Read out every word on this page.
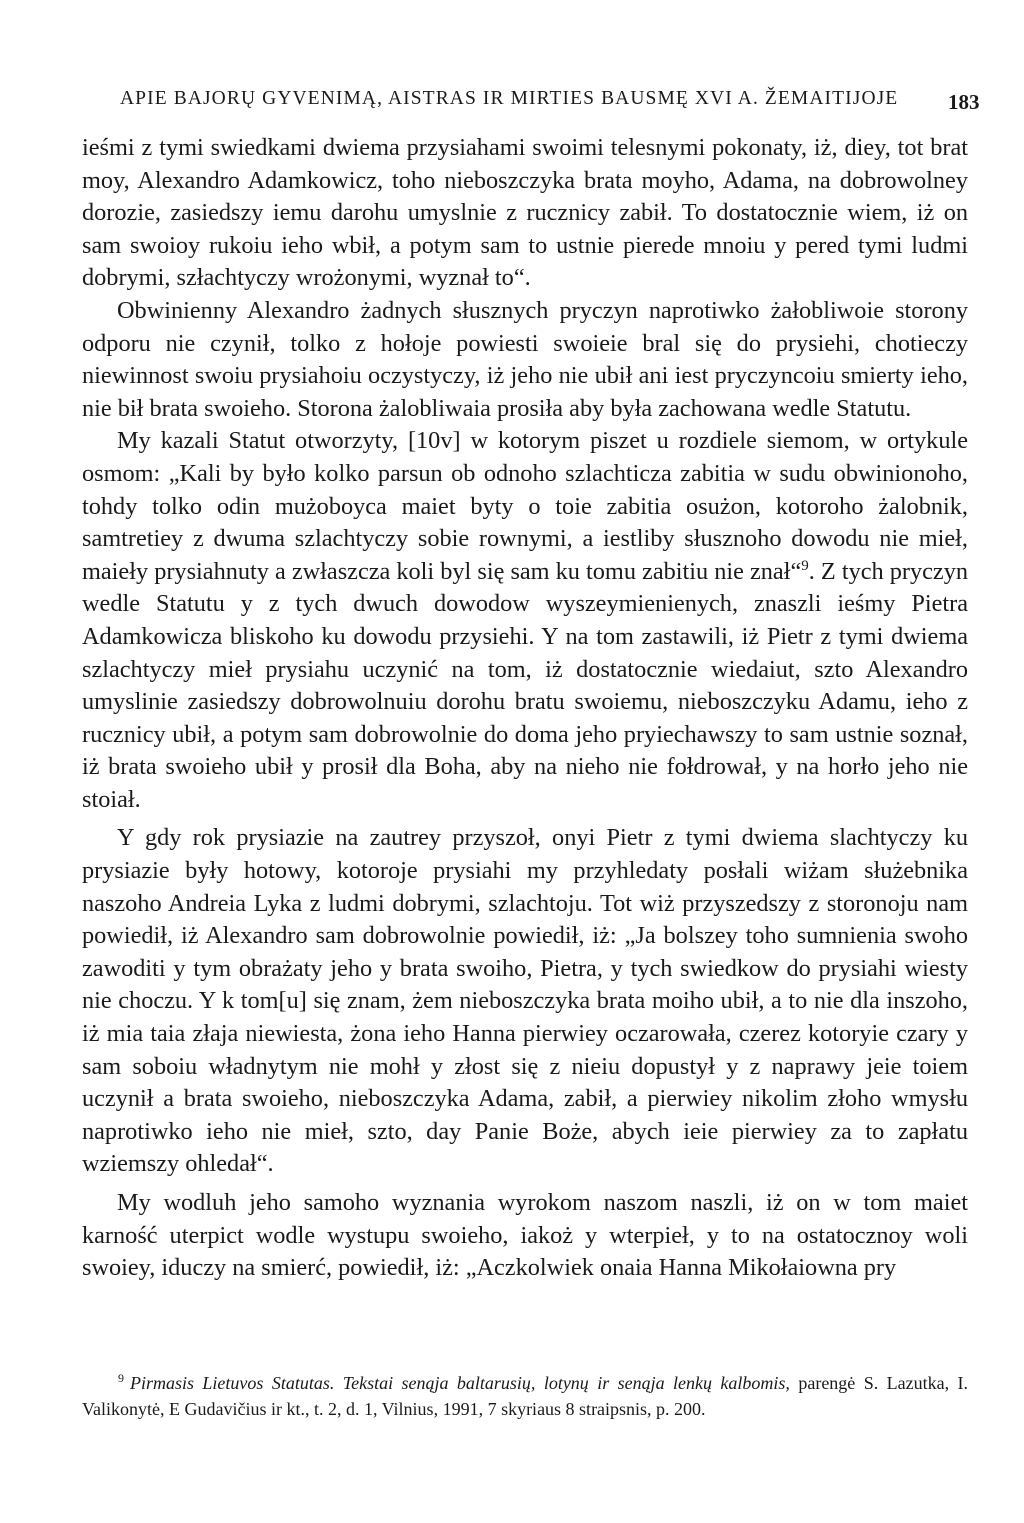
APIE BAJORŲ GYVENIMĄ, AISTRAS IR MIRTIES BAUSMĘ XVI A. ŽEMAITIJOJE	183

ieśmi z tymi swiedkami dwiema przysiahami swoimi telesnymi pokonaty, iż, diey, tot brat moy, Alexandro Adamkowicz, toho nieboszczyka brata moyho, Adama, na dobrowolney dorozie, zasiedszy iemu darohu umyslnie z rucznicy zabił. To dostatocznie wiem, iż on sam swoioy rukoiu ieho wbił, a potym sam to ustnie pierede mnoiu y pered tymi ludmi dobrymi, szłachtyczy wrożonymi, wyznał to“.

Obwinienny Alexandro żadnych słusznych pryczyn naprotiwko żałobliwoie storony odporu nie czynił, tolko z hołoje powiesti swoieie bral się do prysiehi, chotieczy niewinnost swoiu prysiahoiu oczystyczy, iż jeho nie ubił ani iest pryczyncoiu smierty ieho, nie bił brata swoieho. Storona żalobliwaia prosiła aby była zachowana wedle Statutu.

My kazali Statut otworzyty, [10v] w kotorym piszet u rozdiele siemom, w ortykule osmom: „Kali by było kolko parsun ob odnoho szlachticza zabitia w sudu obwinionoho, tohdy tolko odin mużoboyca maiet byty o toie zabitia osużon, kotoroho żalobnik, samtretiey z dwuma szlachtyczy sobie rownymi, a iestliby słusznoho dowodu nie mieł, maieły prysiahnuty a zwłaszcza koli byl się sam ku tomu zabitiu nie znał“$^9$. Z tych pryczyn wedle Statutu y z tych dwuch dowodow wyszeymienienych, znaszli ieśmy Pietra Adamkowicza bliskoho ku dowodu przysiehi. Y na tom zastawili, iż Pietr z tymi dwiema szlachtyczy mieł prysiahu uczynić na tom, iż dostatocznie wiedaiut, szto Alexandro umyslinie zasiedszy dobrowolnuiu dorohu bratu swoiemu, nieboszczyku Adamu, ieho z rucznicy ubił, a potym sam dobrowolnie do doma jeho pryiechawszy to sam ustnie soznał, iż brata swoieho ubił y prosił dla Boha, aby na nieho nie fołdrował, y na horło jeho nie stoiał.

Y gdy rok prysiazie na zautrey przyszoł, onyi Pietr z tymi dwiema slachtyczy ku prysiazie były hotowy, kotoroje prysiahi my przyhledaty posłali wiżam służebnika naszoho Andreia Lyka z ludmi dobrymi, szlachtoju. Tot wiż przyszedszy z storonoju nam powiedił, iż Alexandro sam dobrowolnie powiedił, iż: „Ja bolszey toho sumnienia swoho zawoditi y tym obrażaty jeho y brata swoiho, Pietra, y tych swiedkow do prysiahi wiesty nie choczu. Y k tom[u] się znam, żem nieboszczyka brata moiho ubił, a to nie dla inszoho, iż mia taia złaja niewiesta, żona ieho Hanna pierwiey oczarowała, czerez kotoryie czary y sam soboiu władnytym nie mohł y złost się z nieiu dopustył y z naprawy jeie toiem uczynił a brata swoieho, nieboszczyka Adama, zabił, a pierwiey nikolim złoho wmysłu naprotiwko ieho nie mieł, szto, day Panie Boże, abych ieie pierwiey za to zapłatu wziemszy ohledał“.

My wodluh jeho samoho wyznania wyrokom naszom naszli, iż on w tom maiet karność uterpict wodle wystupu swoieho, iakoż y wterpieł, y to na ostatocznoy woli swoiey, iduczy na smierć, powiedił, iż: „Aczkolwiek onaia Hanna Mikołaiowna pry

$^9$ Pirmasis Lietuvos Statutas. Tekstai senąja baltarusių, lotynų ir senąja lenkų kalbomis, parengė S. Lazutka, I. Valikonytė, E Gudavičius ir kt., t. 2, d. 1, Vilnius, 1991, 7 skyriaus 8 straipsnis, p. 200.
